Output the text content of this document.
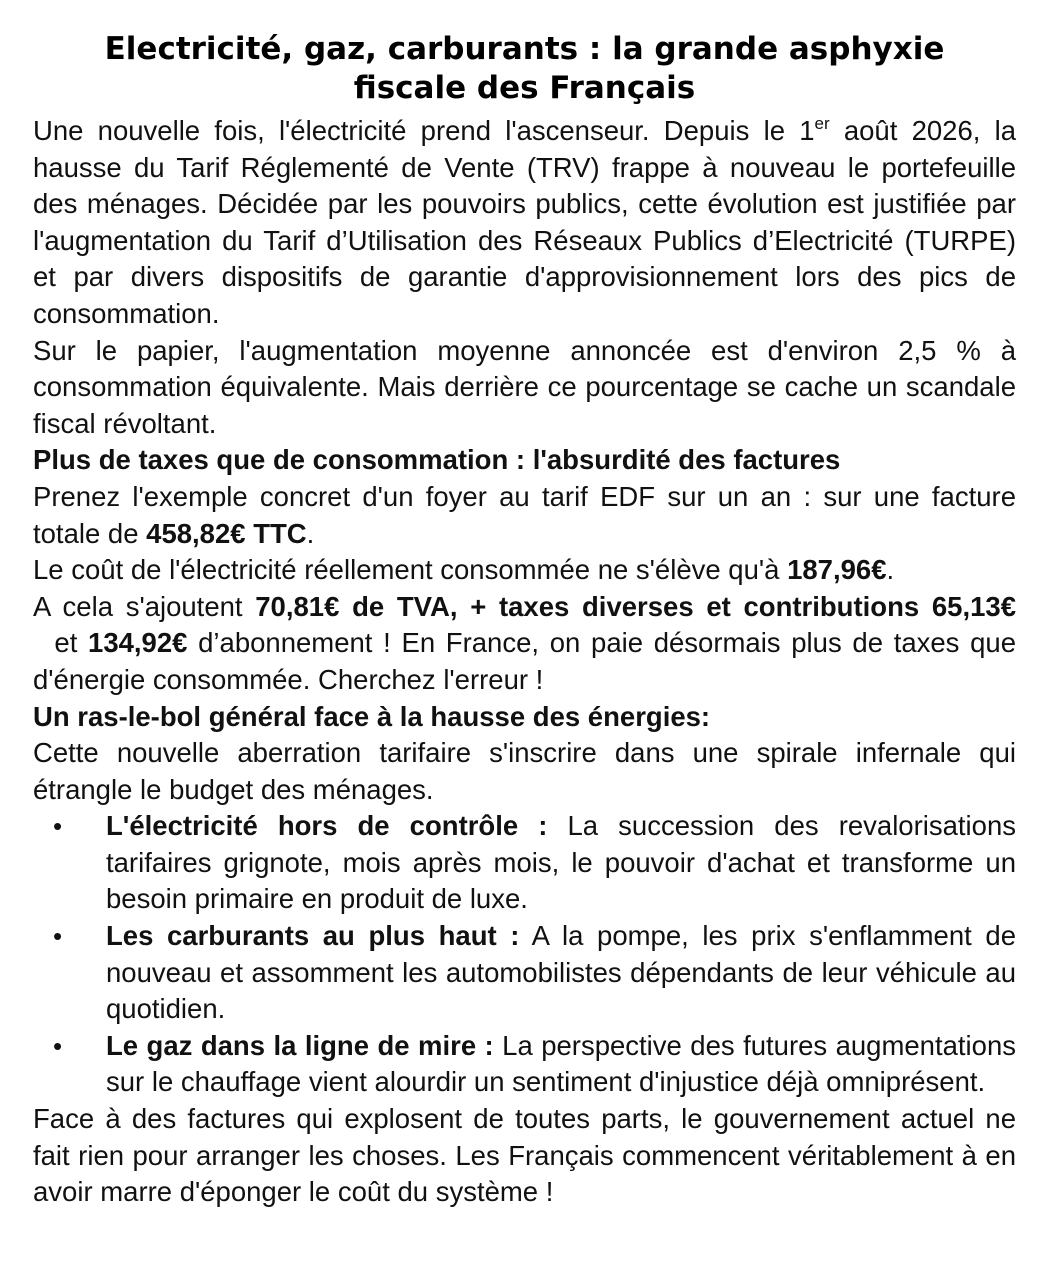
Electricité, gaz, carburants : la grande asphyxie
fiscale des Français

Une nouvelle fois, l'électricité prend l'ascenseur. Depuis le 1er août 2026, la hausse du Tarif Réglementé de Vente (TRV) frappe à nouveau le portefeuille des ménages. Décidée par les pouvoirs publics, cette évolution est justifiée par l'augmentation du Tarif d’Utilisation des Réseaux Publics d’Electricité (TURPE) et par divers dispositifs de garantie d'approvisionnement lors des pics de consommation.

Sur le papier, l'augmentation moyenne annoncée est d'environ 2,5 % à consommation équivalente. Mais derrière ce pourcentage se cache un scandale fiscal révoltant.

Plus de taxes que de consommation : l'absurdité des factures

Prenez l'exemple concret d'un foyer au tarif EDF sur un an : sur une facture totale de 458,82€ TTC.

Le coût de l'électricité réellement consommée ne s'élève qu'à 187,96€.

A cela s'ajoutent 70,81€ de TVA, + taxes diverses et contributions 65,13€  et 134,92€ d’abonnement ! En France, on paie désormais plus de taxes que d'énergie consommée. Cherchez l'erreur !

Un ras-le-bol général face à la hausse des énergies:

Cette nouvelle aberration tarifaire s'inscrire dans une spirale infernale qui étrangle le budget des ménages.

• L'électricité hors de contrôle : La succession des revalorisations tarifaires grignote, mois après mois, le pouvoir d'achat et transforme un besoin primaire en produit de luxe.
• Les carburants au plus haut : A la pompe, les prix s'enflamment de nouveau et assomment les automobilistes dépendants de leur véhicule au quotidien.
• Le gaz dans la ligne de mire : La perspective des futures augmentations sur le chauffage vient alourdir un sentiment d'injustice déjà omniprésent.

Face à des factures qui explosent de toutes parts, le gouvernement actuel ne fait rien pour arranger les choses. Les Français commencent véritablement à en avoir marre d'éponger le coût du système !
